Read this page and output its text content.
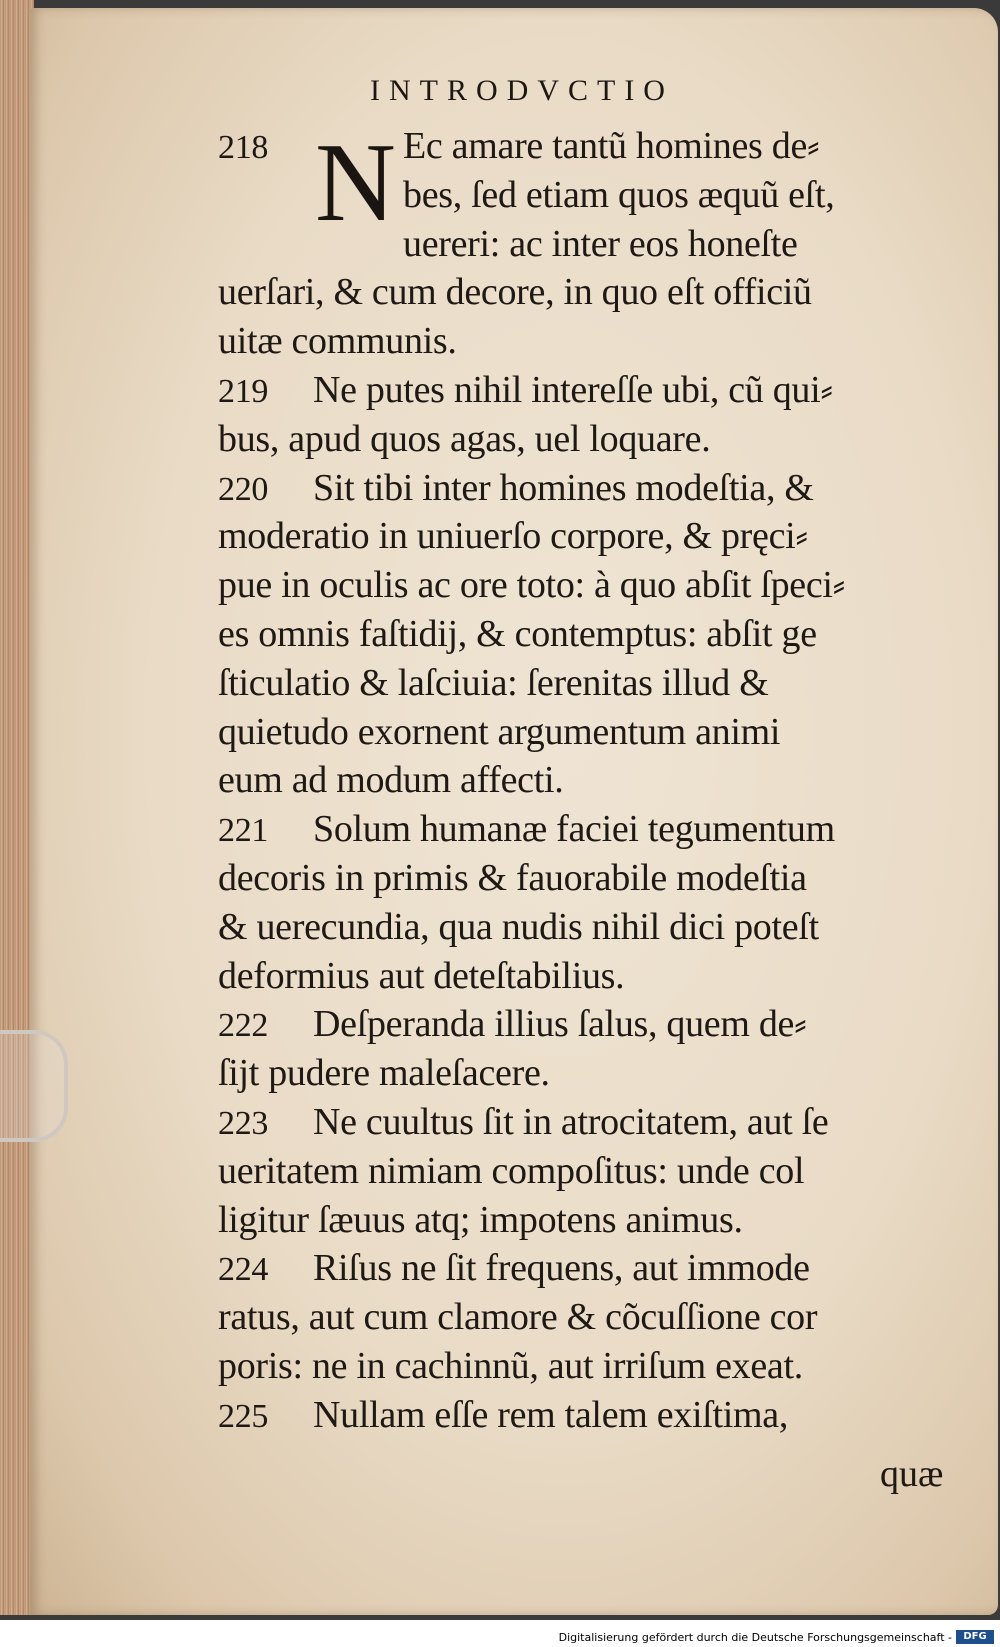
INTRODVCTIO
N
218	Ec amare tantũ homines de⸗
bes, ſed etiam quos æquũ eſt,
uereri: ac inter eos honeſte
uerſari, & cum decore, in quo eſt officiũ
uitæ communis.
219 Ne putes nihil intereſſe ubi, cũ qui⸗
bus, apud quos agas, uel loquare.
220 Sit tibi inter homines modeſtia, &
moderatio in uniuerſo corpore, & pręci⸗
pue in oculis ac ore toto: à quo abſit ſpeci⸗
es omnis faſtidij, & contemptus: abſit ge
ſticulatio & laſciuia: ſerenitas illud &
quietudo exornent argumentum animi
eum ad modum affecti.
221 Solum humanæ faciei tegumentum
decoris in primis & fauorabile modeſtia
& uerecundia, qua nudis nihil dici poteſt
deformius aut deteſtabilius.
222 Deſperanda illius ſalus, quem de⸗
ſijt pudere maleſacere.
223 Ne cuultus ſit in atrocitatem, aut ſe
ueritatem nimiam compoſitus: unde col
ligitur ſæuus atq; impotens animus.
224 Riſus ne ſit frequens, aut immode
ratus, aut cum clamore & cõcuſſione cor
poris: ne in cachinnũ, aut irriſum exeat.
225 Nullam eſſe rem talem exiſtima,
quæ
Digitalisierung gefördert durch die Deutsche Forschungsgemeinschaft -	DFG
